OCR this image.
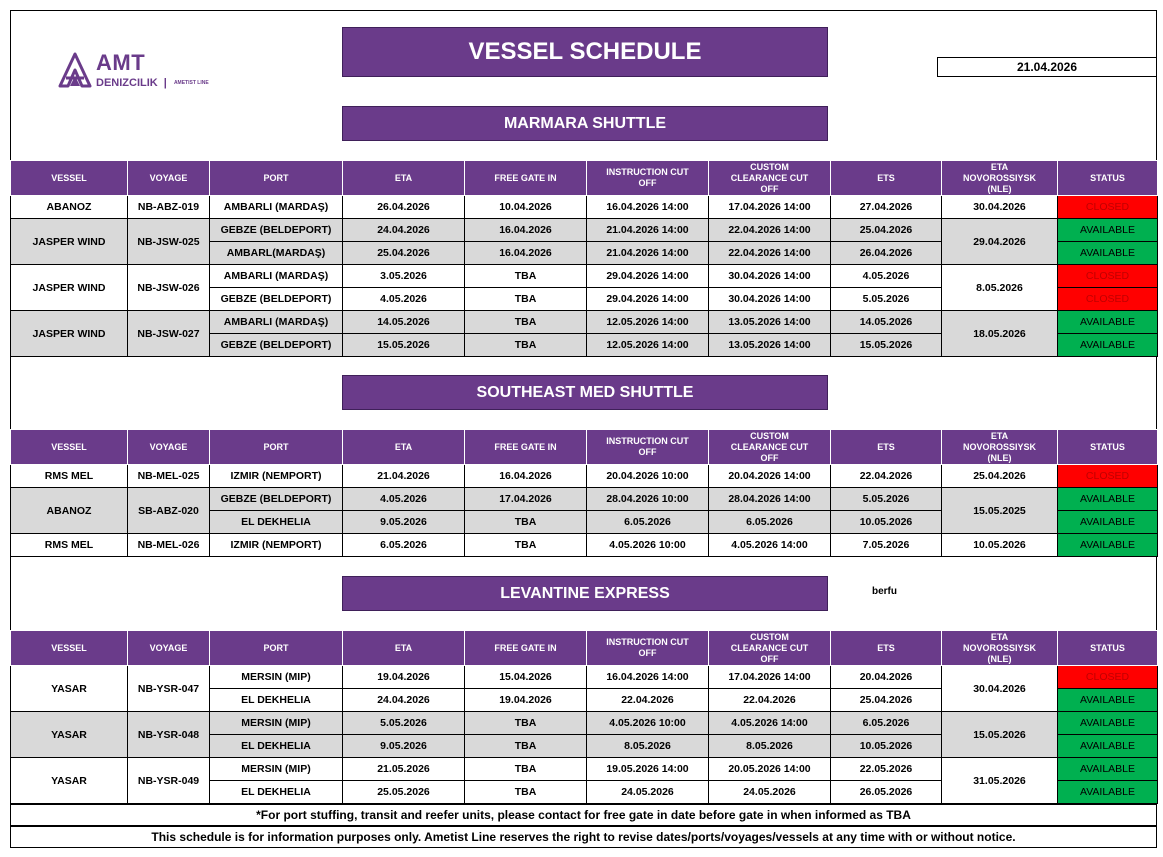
AMT
DENIZCILIK | AMETIST LINE
VESSEL SCHEDULE
21.04.2026
MARMARA SHUTTLE
VESSEL	VOYAGE	PORT	ETA	FREE GATE IN	INSTRUCTION CUT OFF	CUSTOM CLEARANCE CUT OFF	ETS	ETA NOVOROSSIYSK (NLE)	STATUS
ABANOZ	NB-ABZ-019	AMBARLI (MARDAŞ)	26.04.2026	10.04.2026	16.04.2026 14:00	17.04.2026 14:00	27.04.2026	30.04.2026	CLOSED
JASPER WIND	NB-JSW-025	GEBZE (BELDEPORT)	24.04.2026	16.04.2026	21.04.2026 14:00	22.04.2026 14:00	25.04.2026	29.04.2026	AVAILABLE
		AMBARL(MARDAŞ)	25.04.2026	16.04.2026	21.04.2026 14:00	22.04.2026 14:00	26.04.2026		AVAILABLE
JASPER WIND	NB-JSW-026	AMBARLI (MARDAŞ)	3.05.2026	TBA	29.04.2026 14:00	30.04.2026 14:00	4.05.2026	8.05.2026	CLOSED
		GEBZE (BELDEPORT)	4.05.2026	TBA	29.04.2026 14:00	30.04.2026 14:00	5.05.2026		CLOSED
JASPER WIND	NB-JSW-027	AMBARLI (MARDAŞ)	14.05.2026	TBA	12.05.2026 14:00	13.05.2026 14:00	14.05.2026	18.05.2026	AVAILABLE
		GEBZE (BELDEPORT)	15.05.2026	TBA	12.05.2026 14:00	13.05.2026 14:00	15.05.2026		AVAILABLE
SOUTHEAST MED SHUTTLE
VESSEL	VOYAGE	PORT	ETA	FREE GATE IN	INSTRUCTION CUT OFF	CUSTOM CLEARANCE CUT OFF	ETS	ETA NOVOROSSIYSK (NLE)	STATUS
RMS MEL	NB-MEL-025	IZMIR (NEMPORT)	21.04.2026	16.04.2026	20.04.2026 10:00	20.04.2026 14:00	22.04.2026	25.04.2026	CLOSED
ABANOZ	SB-ABZ-020	GEBZE (BELDEPORT)	4.05.2026	17.04.2026	28.04.2026 10:00	28.04.2026 14:00	5.05.2026	15.05.2025	AVAILABLE
		EL DEKHELIA	9.05.2026	TBA	6.05.2026	6.05.2026	10.05.2026		AVAILABLE
RMS MEL	NB-MEL-026	IZMIR (NEMPORT)	6.05.2026	TBA	4.05.2026 10:00	4.05.2026 14:00	7.05.2026	10.05.2026	AVAILABLE
LEVANTINE EXPRESS	berfu
VESSEL	VOYAGE	PORT	ETA	FREE GATE IN	INSTRUCTION CUT OFF	CUSTOM CLEARANCE CUT OFF	ETS	ETA NOVOROSSIYSK (NLE)	STATUS
YASAR	NB-YSR-047	MERSIN (MIP)	19.04.2026	15.04.2026	16.04.2026 14:00	17.04.2026 14:00	20.04.2026	30.04.2026	CLOSED
		EL DEKHELIA	24.04.2026	19.04.2026	22.04.2026	22.04.2026	25.04.2026		AVAILABLE
YASAR	NB-YSR-048	MERSIN (MIP)	5.05.2026	TBA	4.05.2026 10:00	4.05.2026 14:00	6.05.2026	15.05.2026	AVAILABLE
		EL DEKHELIA	9.05.2026	TBA	8.05.2026	8.05.2026	10.05.2026		AVAILABLE
YASAR	NB-YSR-049	MERSIN (MIP)	21.05.2026	TBA	19.05.2026 14:00	20.05.2026 14:00	22.05.2026	31.05.2026	AVAILABLE
		EL DEKHELIA	25.05.2026	TBA	24.05.2026	24.05.2026	26.05.2026		AVAILABLE
*For port stuffing, transit and reefer units, please contact for free gate in date before gate in when informed as TBA
This schedule is for information purposes only. Ametist Line reserves the right to revise dates/ports/voyages/vessels at any time with or without notice.
